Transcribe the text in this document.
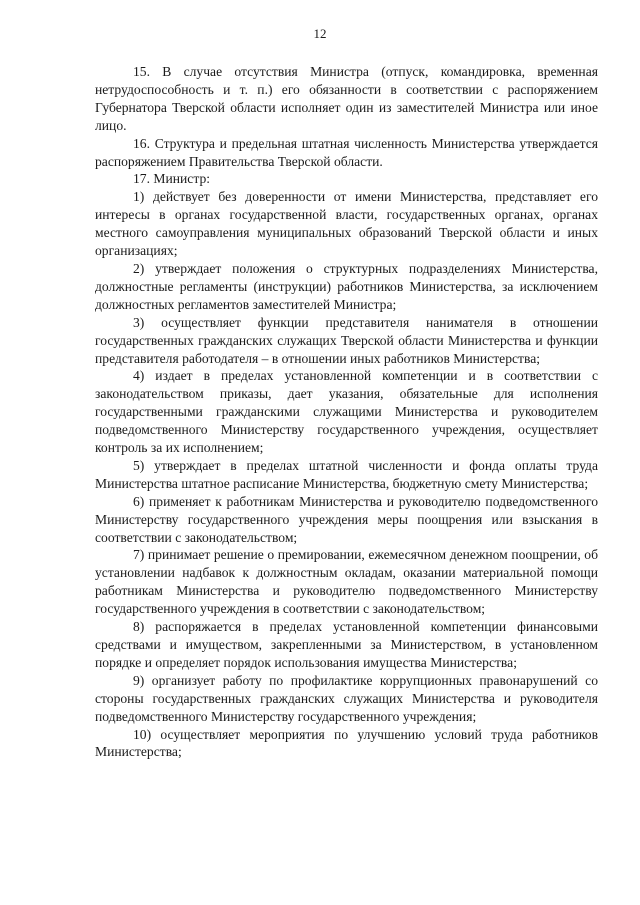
12

15. В случае отсутствия Министра (отпуск, командировка, временная нетрудоспособность и т. п.) его обязанности в соответствии с распоряжением Губернатора Тверской области исполняет один из заместителей Министра или иное лицо.

16. Структура и предельная штатная численность Министерства утверждается распоряжением Правительства Тверской области.

17. Министр:

1) действует без доверенности от имени Министерства, представляет его интересы в органах государственной власти, государственных органах, органах местного самоуправления муниципальных образований Тверской области и иных организациях;

2) утверждает положения о структурных подразделениях Министерства, должностные регламенты (инструкции) работников Министерства, за исключением должностных регламентов заместителей Министра;

3) осуществляет функции представителя нанимателя в отношении государственных гражданских служащих Тверской области Министерства и функции представителя работодателя – в отношении иных работников Министерства;

4) издает в пределах установленной компетенции и в соответствии с законодательством приказы, дает указания, обязательные для исполнения государственными гражданскими служащими Министерства и руководителем подведомственного Министерству государственного учреждения, осуществляет контроль за их исполнением;

5) утверждает в пределах штатной численности и фонда оплаты труда Министерства штатное расписание Министерства, бюджетную смету Министерства;

6) применяет к работникам Министерства и руководителю подведомственного Министерству государственного учреждения меры поощрения или взыскания в соответствии с законодательством;

7) принимает решение о премировании, ежемесячном денежном поощрении, об установлении надбавок к должностным окладам, оказании материальной помощи работникам Министерства и руководителю подведомственного Министерству государственного учреждения в соответствии с законодательством;

8) распоряжается в пределах установленной компетенции финансовыми средствами и имуществом, закрепленными за Министерством, в установленном порядке и определяет порядок использования имущества Министерства;

9) организует работу по профилактике коррупционных правонарушений со стороны государственных гражданских служащих Министерства и руководителя подведомственного Министерству государственного учреждения;

10) осуществляет мероприятия по улучшению условий труда работников Министерства;
